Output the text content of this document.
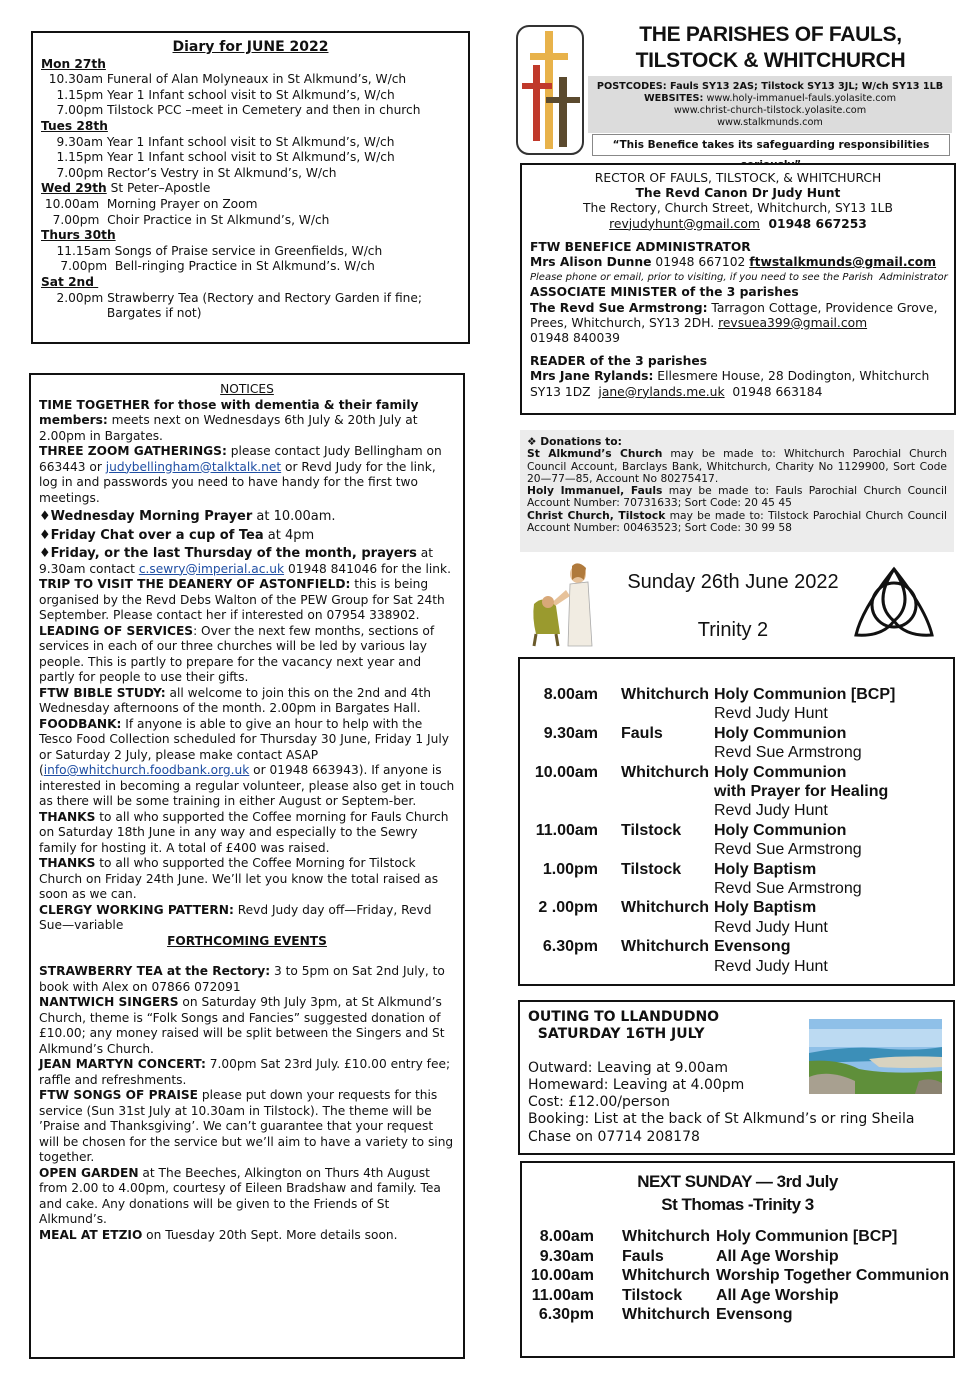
Diary for JUNE 2022
Mon 27th
10.30am Funeral of Alan Molyneaux in St Alkmund’s, W/ch
1.15pm Year 1 Infant school visit to St Alkmund’s, W/ch
7.00pm Tilstock PCC –meet in Cemetery and then in church
Tues 28th
9.30am Year 1 Infant school visit to St Alkmund’s, W/ch
1.15pm Year 1 Infant school visit to St Alkmund’s, W/ch
7.00pm Rector’s Vestry in St Alkmund’s, W/ch
Wed 29th St Peter–Apostle
10.00am  Morning Prayer on Zoom
7.00pm  Choir Practice in St Alkmund’s, W/ch
Thurs 30th
11.15am Songs of Praise service in Greenfields, W/ch
7.00pm  Bell-ringing Practice in St Alkmund’s. W/ch
Sat 2nd
2.00pm Strawberry Tea (Rectory and Rectory Garden if fine;
Bargates if not)
NOTICES

TIME TOGETHER for those with dementia & their family members: meets next on Wednesdays 6th July & 20th July at 2.00pm in Bargates.

THREE ZOOM GATHERINGS: please contact Judy Bellingham on 663443 or judybellingham@talktalk.net or Revd Judy for the link, log in and passwords you need to have handy for the first two meetings.

♦Wednesday Morning Prayer at 10.00am.

♦Friday Chat over a cup of Tea at 4pm

♦Friday, or the last Thursday of the month, prayers at 9.30am contact c.sewry@imperial.ac.uk 01948 841046 for the link.

TRIP TO VISIT THE DEANERY OF ASTONFIELD: this is being organised by the Revd Debs Walton of the PEW Group for Sat 24th September. Please contact her if interested on 07954 338902.

LEADING OF SERVICES: Over the next few months, sections of services in each of our three churches will be led by various lay people. This is partly to prepare for the vacancy next year and partly for people to use their gifts.

FTW BIBLE STUDY: all welcome to join this on the 2nd and 4th Wednesday afternoons of the month. 2.00pm in Bargates Hall.

FOODBANK: If anyone is able to give an hour to help with the Tesco Food Collection scheduled for Thursday 30 June, Friday 1 July or Saturday 2 July, please make contact ASAP (info@whitchurch.foodbank.org.uk or 01948 663943). If anyone is interested in becoming a regular volunteer, please also get in touch as there will be some training in either August or Septem-ber.

THANKS to all who supported the Coffee morning for Fauls Church on Saturday 18th June in any way and especially to the Sewry family for hosting it. A total of £400 was raised.

THANKS to all who supported the Coffee Morning for Tilstock Church on Friday 24th June. We’ll let you know the total raised as soon as we can.

CLERGY WORKING PATTERN: Revd Judy day off—Friday, Revd Sue—variable

FORTHCOMING EVENTS

STRAWBERRY TEA at the Rectory: 3 to 5pm on Sat 2nd July, to book with Alex on 07866 072091

NANTWICH SINGERS on Saturday 9th July 3pm, at St Alkmund’s Church, theme is “Folk Songs and Fancies” suggested donation of £10.00; any money raised will be split between the Singers and St Alkmund’s Church.

JEAN MARTYN CONCERT: 7.00pm Sat 23rd July. £10.00 entry fee; raffle and refreshments.

FTW SONGS OF PRAISE please put down your requests for this service (Sun 31st July at 10.30am in Tilstock). The theme will be ’Praise and Thanksgiving’. We can’t guarantee that your request will be chosen for the service but we’ll aim to have a variety to sing together.

OPEN GARDEN at The Beeches, Alkington on Thurs 4th August from 2.00 to 4.00pm, courtesy of Eileen Bradshaw and family. Tea and cake. Any donations will be given to the Friends of St Alkmund’s.

MEAL AT ETZIO on Tuesday 20th Sept. More details soon.

THE PARISHES OF FAULS,
TILSTOCK & WHITCHURCH
POSTCODES: Fauls SY13 2AS; Tilstock SY13 3JL; W/ch SY13 1LB
WEBSITES: www.holy-immanuel-fauls.yolasite.com
www.christ-church-tilstock.yolasite.com
www.stalkmunds.com
“This Benefice takes its safeguarding responsibilities
RECTOR OF FAULS, TILSTOCK, & WHITCHURCH
The Revd Canon Dr Judy Hunt
The Rectory, Church Street, Whitchurch, SY13 1LB
revjudyhunt@gmail.com  01948 667253
FTW BENEFICE ADMINISTRATOR
Mrs Alison Dunne 01948 667102 ftwstalkmunds@gmail.com
Please phone or email, prior to visiting, if you need to see the Parish  Administrator
ASSOCIATE MINISTER of the 3 parishes
The Revd Sue Armstrong: Tarragon Cottage, Providence Grove,
Prees, Whitchurch, SY13 2DH. revsuea399@gmail.com
01948 840039
READER of the 3 parishes
Mrs Jane Rylands: Ellesmere House, 28 Dodington, Whitchurch
SY13 1DZ  jane@rylands.me.uk  01948 663184

❖ Donations to:

St Alkmund’s Church may be made to: Whitchurch Parochial Church Council Account, Barclays Bank, Whitchurch, Charity No 1129900, Sort Code 20—77—85, Account No 80275417.

Holy Immanuel, Fauls may be made to: Fauls Parochial Church Council Account Number: 70731633; Sort Code: 20 45 45

Christ Church, Tilstock may be made to: Tilstock Parochial Church Council Account Number: 00463523; Sort Code: 30 99 58

Sunday 26th June 2022
Trinity 2
8.00am Whitchurch Holy Communion [BCP]
Revd Judy Hunt
9.30am Fauls	Holy Communion
Revd Sue Armstrong
10.00am Whitchurch Holy Communion
with Prayer for Healing
Revd Judy Hunt
11.00am Tilstock Holy Communion
Revd Sue Armstrong
1.00pm Tilstock Holy Baptism
Revd Sue Armstrong
2 .00pm Whitchurch Holy Baptism
Revd Judy Hunt
6.30pm Whitchurch Evensong
Revd Judy Hunt
OUTING TO LLANDUDNO
SATURDAY 16TH JULY
Outward: Leaving at 9.00am
Homeward: Leaving at 4.00pm
Cost: £12.00/person
Booking: List at the back of St Alkmund’s or ring Sheila
Chase on 07714 208178
NEXT SUNDAY — 3rd July
St Thomas -Trinity 3
8.00am Whitchurch Holy Communion [BCP]
9.30am Fauls	All Age Worship
10.00am Whitchurch Worship Together Communion
11.00am Tilstock All Age Worship
6.30pm Whitchurch Evensong
